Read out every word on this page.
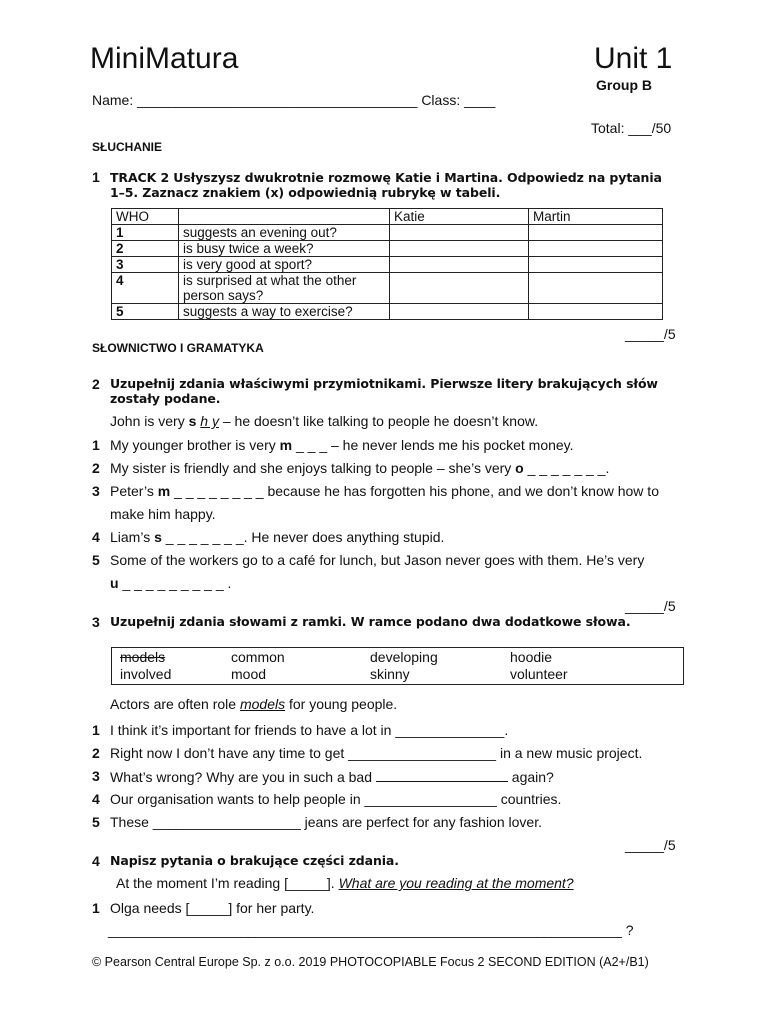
MiniMatura	Unit 1
Group B
Name: ____________________________________ Class: ____
Total: ___/50
SŁUCHANIE
1 TRACK 2 Usłyszysz dwukrotnie rozmowę Katie i Martina. Odpowiedz na pytania
1–5. Zaznacz znakiem (x) odpowiednią rubrykę w tabeli.
WHO		Katie	Martin
1	suggests an evening out?		
2	is busy twice a week?		
3	is very good at sport?		
4	is surprised at what the other
person says?		
5	suggests a way to exercise?		
_____/5
SŁOWNICTWO I GRAMATYKA
2 Uzupełnij zdania właściwymi przymiotnikami. Pierwsze litery brakujących słów
zostały podane.
John is very s h y – he doesn’t like talking to people he doesn’t know.
1 My younger brother is very m _ _ _ – he never lends me his pocket money.
2 My sister is friendly and she enjoys talking to people – she’s very o _ _ _ _ _ _ _.
3 Peter’s m _ _ _ _ _ _ _ _ because he has forgotten his phone, and we don’t know how to
make him happy.
4 Liam’s s _ _ _ _ _ _ _. He never does anything stupid.
5 Some of the workers go to a café for lunch, but Jason never goes with them. He’s very
u _ _ _ _ _ _ _ _ _ .
_____/5
3 Uzupełnij zdania słowami z ramki. W ramce podano dwa dodatkowe słowa.
models	common	developing	hoodie
involved	mood	skinny	volunteer
Actors are often role models for young people.
1 I think it’s important for friends to have a lot in ______________.
2 Right now I don’t have any time to get ___________________ in a new music project.
3 What’s wrong? Why are you in such a bad	again?
4 Our organisation wants to help people in _________________ countries.
5 These ___________________ jeans are perfect for any fashion lover.
_____/5
4 Napisz pytania o brakujące części zdania.
At the moment I’m reading [_____]. What are you reading at the moment?
1 Olga needs [_____] for her party.
__________________________________________________________________ ?
© Pearson Central Europe Sp. z o.o. 2019 PHOTOCOPIABLE Focus 2 SECOND EDITION (A2+/B1)
